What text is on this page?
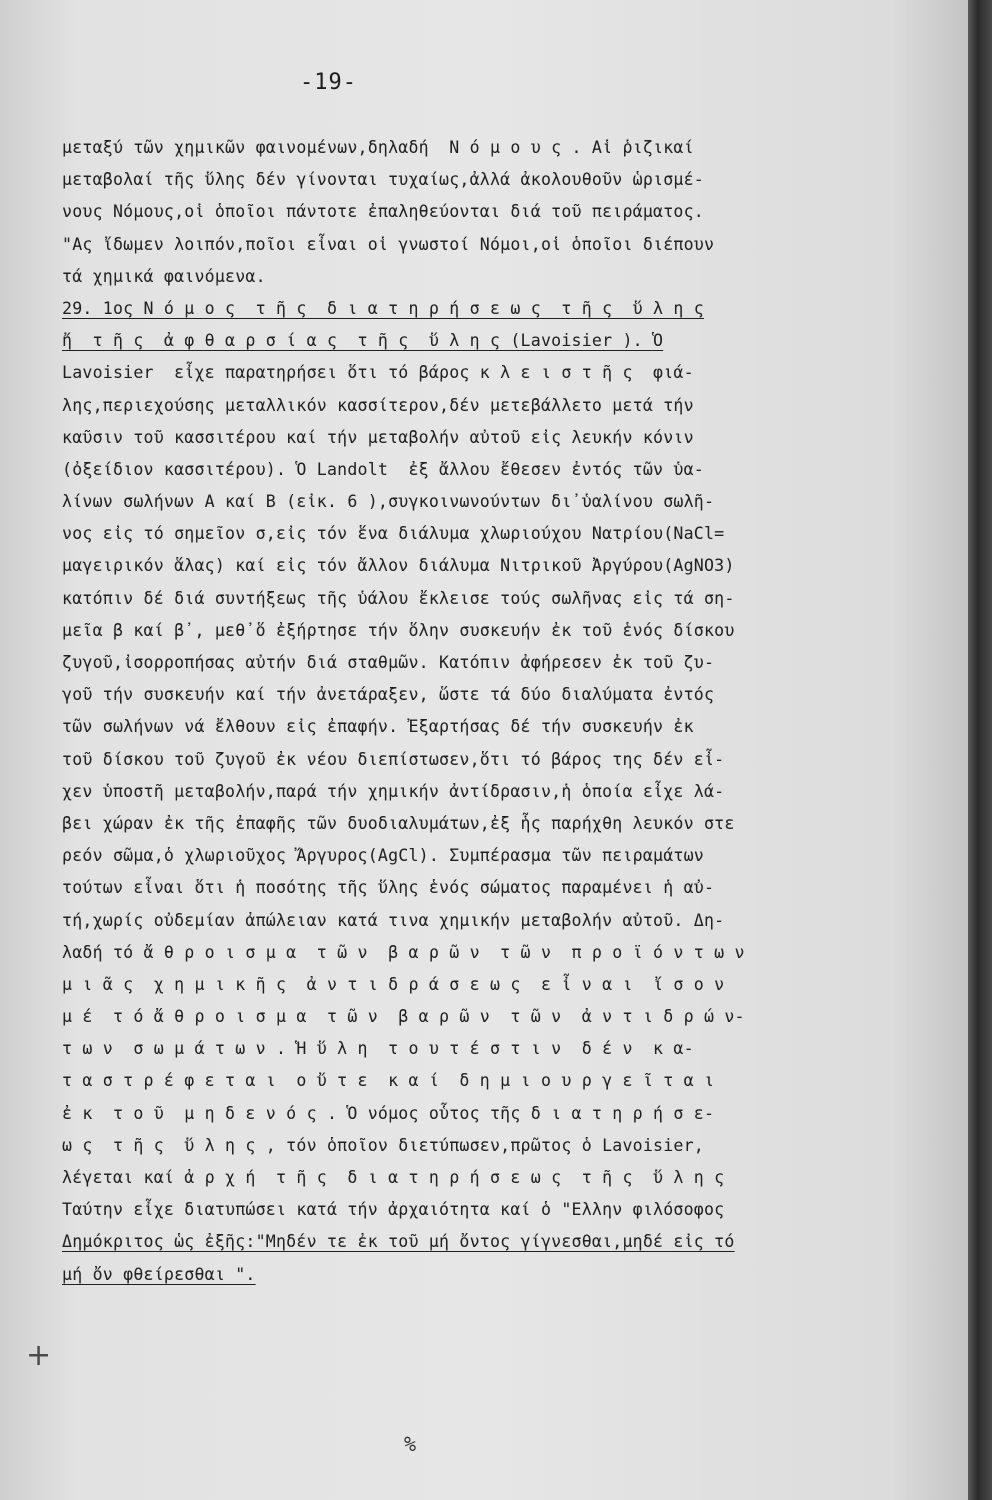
-19-
μεταξύ τῶν χημικῶν φαινομένων,δηλαδή  Ν ό μ ο υ ς . Αἱ ῥιζικαί
μεταβολαί τῆς ὕλης δέν γίνονται τυχαίως,ἀλλά ἀκολουθοῦν ὡρισμέ-
νους Νόμους,οἱ ὁποῖοι πάντοτε ἐπαληθεύονται διά τοῦ πειράματος.
"Ας ἴδωμεν λοιπόν,ποῖοι εἶναι οἱ γνωστοί Νόμοι,οἱ ὁποῖοι διέπουν
τά χημικά φαινόμενα.
29. 1ος Ν ό μ ο ς  τ ῆ ς  δ ι α τ η ρ ή σ ε ω ς  τ ῆ ς  ὕ λ η ς
ἤ  τ ῆ ς  ἀ φ θ α ρ σ ί α ς  τ ῆ ς  ὕ λ η ς (Lavoisier ). Ὁ
Lavoisier  εἶχε παρατηρήσει ὅτι τό βάρος κ λ ε ι σ τ ῆ ς  φιά-
λης,περιεχούσης μεταλλικόν κασσίτερον,δέν μετεβάλλετο μετά τήν
καῦσιν τοῦ κασσιτέρου καί τήν μεταβολήν αὐτοῦ εἰς λευκήν κόνιν
(ὀξείδιον κασσιτέρου). Ὁ Landolt  ἐξ ἄλλου ἔθεσεν ἐντός τῶν ὑα-
λίνων σωλήνων Α καί Β (εἰκ. 6 ),συγκοινωνούντων δι᾿ὑαλίνου σωλῆ-
νος εἰς τό σημεῖον σ,εἰς τόν ἕνα διάλυμα χλωριούχου Νατρίου(NaCl=
μαγειρικόν ἅλας) καί εἰς τόν ἄλλον διάλυμα Νιτρικοῦ Ἀργύρου(AgNO3)
κατόπιν δέ διά συντήξεως τῆς ὑάλου ἔκλεισε τούς σωλῆνας εἰς τά ση-
μεῖα β καί β᾿, μεθ᾿ὅ ἐξήρτησε τήν ὅλην συσκευήν ἐκ τοῦ ἑνός δίσκου
ζυγοῦ,ἰσορροπήσας αὐτήν διά σταθμῶν. Κατόπιν ἀφήρεσεν ἐκ τοῦ ζυ-
γοῦ τήν συσκευήν καί τήν ἀνετάραξεν, ὥστε τά δύο διαλύματα ἐντός
τῶν σωλήνων νά ἔλθουν εἰς ἐπαφήν. Ἐξαρτήσας δέ τήν συσκευήν ἐκ
τοῦ δίσκου τοῦ ζυγοῦ ἐκ νέου διεπίστωσεν,ὅτι τό βάρος της δέν εἶ-
χεν ὑποστῆ μεταβολήν,παρά τήν χημικήν ἀντίδρασιν,ἡ ὁποία εἶχε λά-
βει χώραν ἐκ τῆς ἐπαφῆς τῶν δυοδιαλυμάτων,ἐξ ἧς παρήχθη λευκόν στε
ρεόν σῶμα,ὁ χλωριοῦχος Ἄργυρος(AgCl). Συμπέρασμα τῶν πειραμάτων
τούτων εἶναι ὅτι ἡ ποσότης τῆς ὕλης ἑνός σώματος παραμένει ἡ αὐ-
τή,χωρίς οὐδεμίαν ἀπώλειαν κατά τινα χημικήν μεταβολήν αὐτοῦ. Δη-
λαδή τό ἄ θ ρ ο ι σ μ α  τ ῶ ν  β α ρ ῶ ν  τ ῶ ν  π ρ ο ϊ ό ν τ ω ν
μ ι ᾶ ς  χ η μ ι κ ῆ ς  ἀ ν τ ι δ ρ ά σ ε ω ς  ε ἶ ν α ι  ἴ σ ο ν
μ έ  τ ό ἄ θ ρ ο ι σ μ α  τ ῶ ν  β α ρ ῶ ν  τ ῶ ν  ἀ ν τ ι δ ρ ώ ν-
τ ω ν  σ ω μ ά τ ω ν . Ἡ ὕ λ η  τ ο υ τ έ σ τ ι ν  δ έ ν  κ α-
τ α σ τ ρ έ φ ε τ α ι  ο ὔ τ ε  κ α ί  δ η μ ι ο υ ρ γ ε ῖ τ α ι
ἐ κ  τ ο ῦ  μ η δ ε ν ό ς . Ὁ νόμος οὗτος τῆς δ ι α τ η ρ ή σ ε-
ω ς  τ ῆ ς  ὕ λ η ς , τόν ὁποῖον διετύπωσεν,πρῶτος ὁ Lavoisier,
λέγεται καί ἀ ρ χ ή  τ ῆ ς  δ ι α τ η ρ ή σ ε ω ς  τ ῆ ς  ὕ λ η ς
Ταύτην εἶχε διατυπώσει κατά τήν ἀρχαιότητα καί ὁ "Ελλην φιλόσοφος
Δημόκριτος ὡς ἐξῆς:"Μηδέν τε ἐκ τοῦ μή ὄντος γίγνεσθαι,μηδέ εἰς τό
μή ὄν φθείρεσθαι ".
+
%
